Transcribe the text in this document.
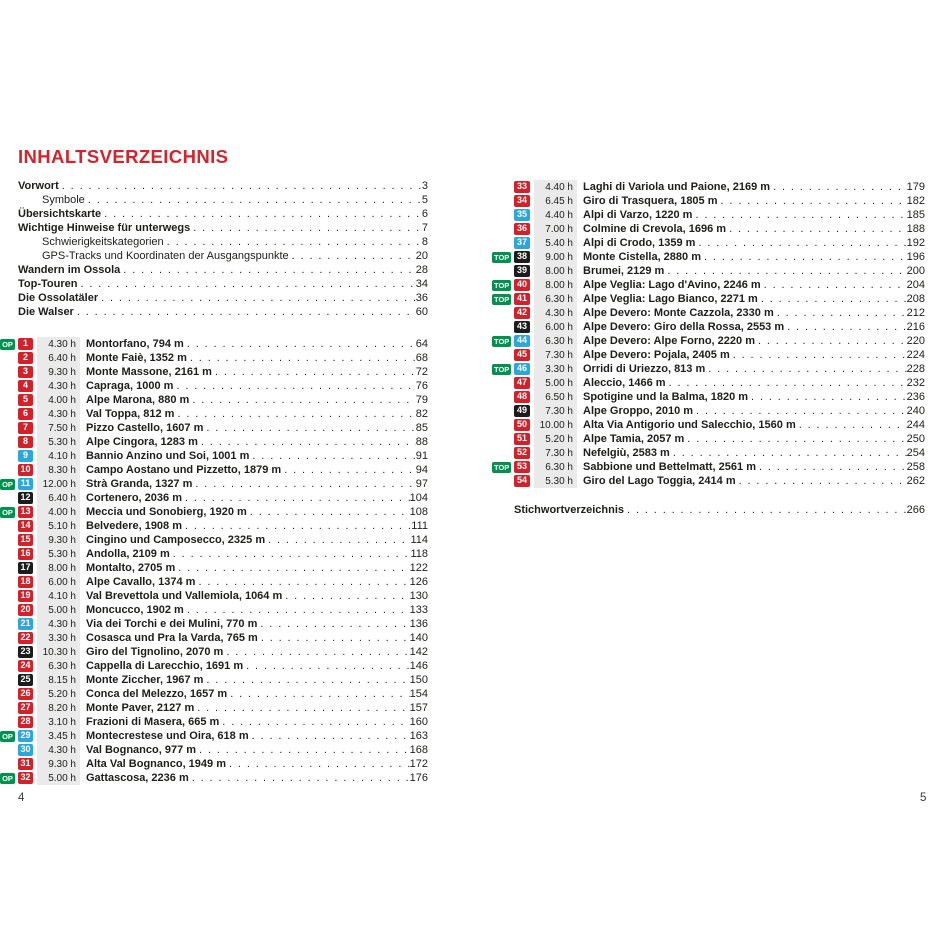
INHALTSVERZEICHNIS
Vorwort . . .	3
Symbole . . .	5
Übersichtskarte . . .	6
Wichtige Hinweise für unterwegs . . .	7
Schwierigkeitskategorien . . .	8
GPS-Tracks und Koordinaten der Ausgangspunkte . . .	20
Wandern im Ossola . . .	28
Top-Touren . . .	34
Die Ossolatäler . . .	36
Die Walser . . .	60
OP	1	4.30 h Montorfano, 794 m . . .	64
2	6.40 h Monte Faiè, 1352 m . . .	68
3	9.30 h Monte Massone, 2161 m . . .	72
4	4.30 h Capraga, 1000 m . . .	76
5	4.00 h Alpe Marona, 880 m . . .	79
6	4.30 h Val Toppa, 812 m . . .	82
7	7.50 h Pizzo Castello, 1607 m . . .	85
8	5.30 h Alpe Cingora, 1283 m . . .	88
9	4.10 h Bannio Anzino und Soi, 1001 m . . .	91
10	8.30 h Campo Aostano und Pizzetto, 1879 m . . .	94
OP 11	12.00 h Strà Granda, 1327 m . . .	97
12	6.40 h Cortenero, 2036 m . . .	104
OP 13	4.00 h Meccia und Sonobierg, 1920 m . . .	108
14	5.10 h Belvedere, 1908 m . . .	111
15	9.30 h Cingino und Camposecco, 2325 m . . .	114
16	5.30 h Andolla, 2109 m . . .	118
17	8.00 h Montalto, 2705 m . . .	122
18	6.00 h Alpe Cavallo, 1374 m . . .	126
19	4.10 h Val Brevettola und Vallemiola, 1064 m . . .	130
20	5.00 h Moncucco, 1902 m . . .	133
21	4.30 h Via dei Torchi e dei Mulini, 770 m . . .	136
22	3.30 h Cosasca und Pra la Varda, 765 m . . .	140
23	10.30 h Giro del Tignolino, 2070 m . . .	142
24	6.30 h Cappella di Larecchio, 1691 m . . .	146
25	8.15 h Monte Ziccher, 1967 m . . .	150
26	5.20 h Conca del Melezzo, 1657 m . . .	154
27	8.20 h Monte Paver, 2127 m . . .	157
28	3.10 h Frazioni di Masera, 665 m . . .	160
OP 29	3.45 h Montecrestese und Oira, 618 m . . .	163
30	4.30 h Val Bognanco, 977 m . . .	168
31	9.30 h Alta Val Bognanco, 1949 m . . .	172
OP 32	5.00 h Gattascosa, 2236 m . . .	176
33	4.40 h Laghi di Variola und Paione, 2169 m . . .	179
34	6.45 h Giro di Trasquera, 1805 m . . .	182
35	4.40 h Alpi di Varzo, 1220 m . . .	185
36	7.00 h Colmine di Crevola, 1696 m . . .	188
37	5.40 h Alpi di Crodo, 1359 m . . .	192
TOP 38	9.00 h Monte Cistella, 2880 m . . .	196
39	8.00 h Brumei, 2129 m . . .	200
TOP 40	8.00 h Alpe Veglia: Lago d'Avino, 2246 m . . .	204
TOP 41	6.30 h Alpe Veglia: Lago Bianco, 2271 m . . .	208
42	4.30 h Alpe Devero: Monte Cazzola, 2330 m . . .	212
43	6.00 h Alpe Devero: Giro della Rossa, 2553 m . . .	216
TOP 44	6.30 h Alpe Devero: Alpe Forno, 2220 m . . .	220
45	7.30 h Alpe Devero: Pojala, 2405 m . . .	224
TOP 46	3.30 h Orridi di Uriezzo, 813 m . . .	228
47	5.00 h Aleccio, 1466 m . . .	232
48	6.50 h Spotigine und la Balma, 1820 m . . .	236
49	7.30 h Alpe Groppo, 2010 m . . .	240
50	10.00 h Alta Via Antigorio und Salecchio, 1560 m . . .	244
51	5.20 h Alpe Tamia, 2057 m . . .	250
52	7.30 h Nefelgiù, 2583 m . . .	254
TOP 53	6.30 h Sabbione und Bettelmatt, 2561 m . . .	258
54	5.30 h Giro del Lago Toggia, 2414 m . . .	262
Stichwortverzeichnis . . .	266
4	5
